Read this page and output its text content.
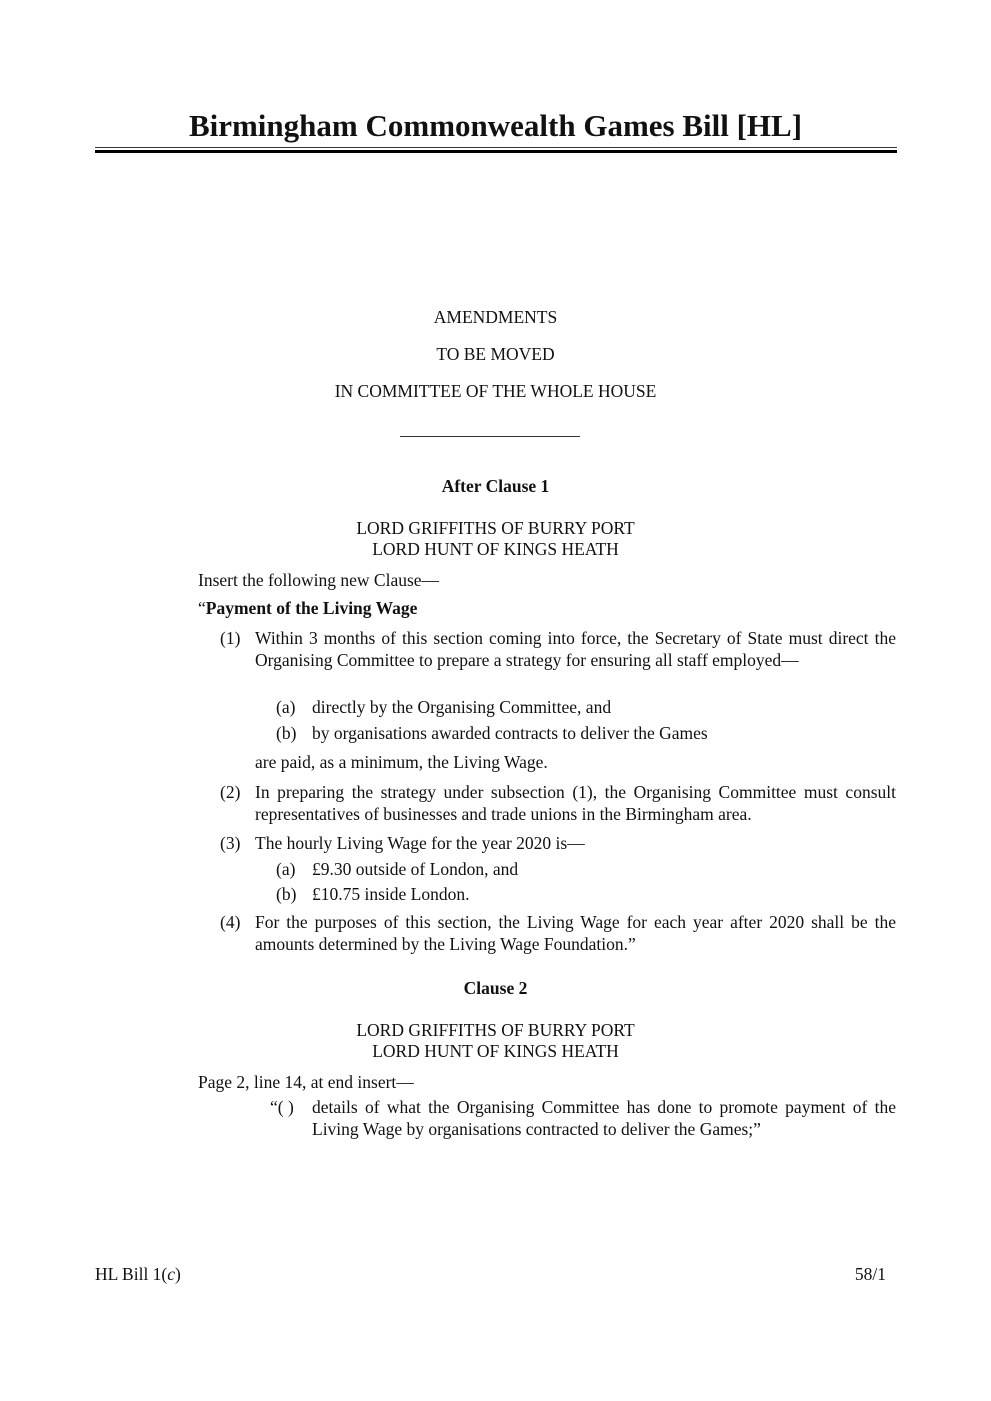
Birmingham Commonwealth Games Bill [HL]
AMENDMENTS
TO BE MOVED
IN COMMITTEE OF THE WHOLE HOUSE
After Clause 1
LORD GRIFFITHS OF BURRY PORT
LORD HUNT OF KINGS HEATH
Insert the following new Clause—
“Payment of the Living Wage
(1) Within 3 months of this section coming into force, the Secretary of State must direct the Organising Committee to prepare a strategy for ensuring all staff employed—
(a) directly by the Organising Committee, and
(b) by organisations awarded contracts to deliver the Games
are paid, as a minimum, the Living Wage.
(2) In preparing the strategy under subsection (1), the Organising Committee must consult representatives of businesses and trade unions in the Birmingham area.
(3) The hourly Living Wage for the year 2020 is—
(a) £9.30 outside of London, and
(b) £10.75 inside London.
(4) For the purposes of this section, the Living Wage for each year after 2020 shall be the amounts determined by the Living Wage Foundation.”
Clause 2
LORD GRIFFITHS OF BURRY PORT
LORD HUNT OF KINGS HEATH
Page 2, line 14, at end insert—
“( ) details of what the Organising Committee has done to promote payment of the Living Wage by organisations contracted to deliver the Games;”
HL Bill 1(c)	58/1
